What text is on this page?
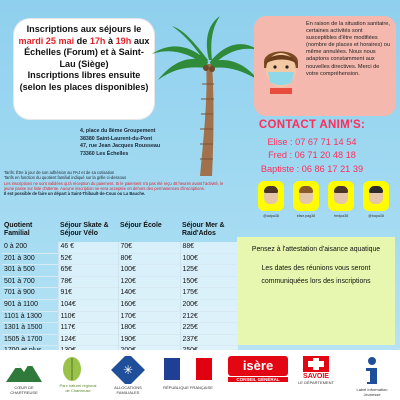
Inscriptions aux séjours le
mardi 25 mai de 17h à 19h aux
Échelles (Forum) et à Saint-
Lau (Siège)
Inscriptions libres ensuite
(selon les places disponibles)
En raison de la situation sanitaire, certaines activités sont susceptibles d'être modifiées (nombre de places et horaires) ou même annulées. Nous nous adaptons constamment aux nouvelles directives. Merci de votre compréhension.
4, place du 8ème Groupement
38380 Saint-Laurent-du-Pont
47, rue Jean Jacques Rousseau
73360 Les Échelles
CONTACT ANIM'S:
Elise : 07 67 71 14 54
Fred : 06 71 20 48 18
Baptiste : 06 86 17 21 39
@adpa38	elise.pag38	fredpa38	@bapa38
Tarifs: Être à jour de son adhésion au PAJ et de sa cotisation
Tarifs en fonction du quotient familial indiqué sur la grille ci-dessous
Les inscriptions ne sont validées qu'à réception du paiement. Si le paiement n'a pas été reçu 48 heures avant l'activité, le jeune passe sur liste d'attente. Aucune inscription ne sera acceptée en dehors des permanences d'inscriptions.
Il est possible de faire un départ à Saint-Thibault-de-Coux ou La Bauche.
Quotient Familial	Séjour Skate & Séjour Vélo	Séjour École	Séjour Mer & Raid'Ados
0 à 200	46 €	70€	88€
201 à 300	52€	80€	100€
301 à 500	65€	100€	125€
501 à 700	78€	120€	150€
701 à 900	91€	140€	175€
901 à 1100	104€	160€	200€
1101 à 1300	110€	170€	212€
1301 à 1500	117€	180€	225€
1505 à 1700	124€	190€	237€

Pensez à l'attestation d'aisance aquatique

Les dates des réunions vous seront communiquées lors des inscriptions

CŒUR DE CHARTREUSE
Parc naturel régional de Chartreuse
✳
ALLOCATIONS FAMILIALES
RÉPUBLIQUE FRANÇAISE
isère
CONSEIL GÉNÉRAL	SAVOIE
LE DÉPARTEMENT
Label Information Jeunesse
